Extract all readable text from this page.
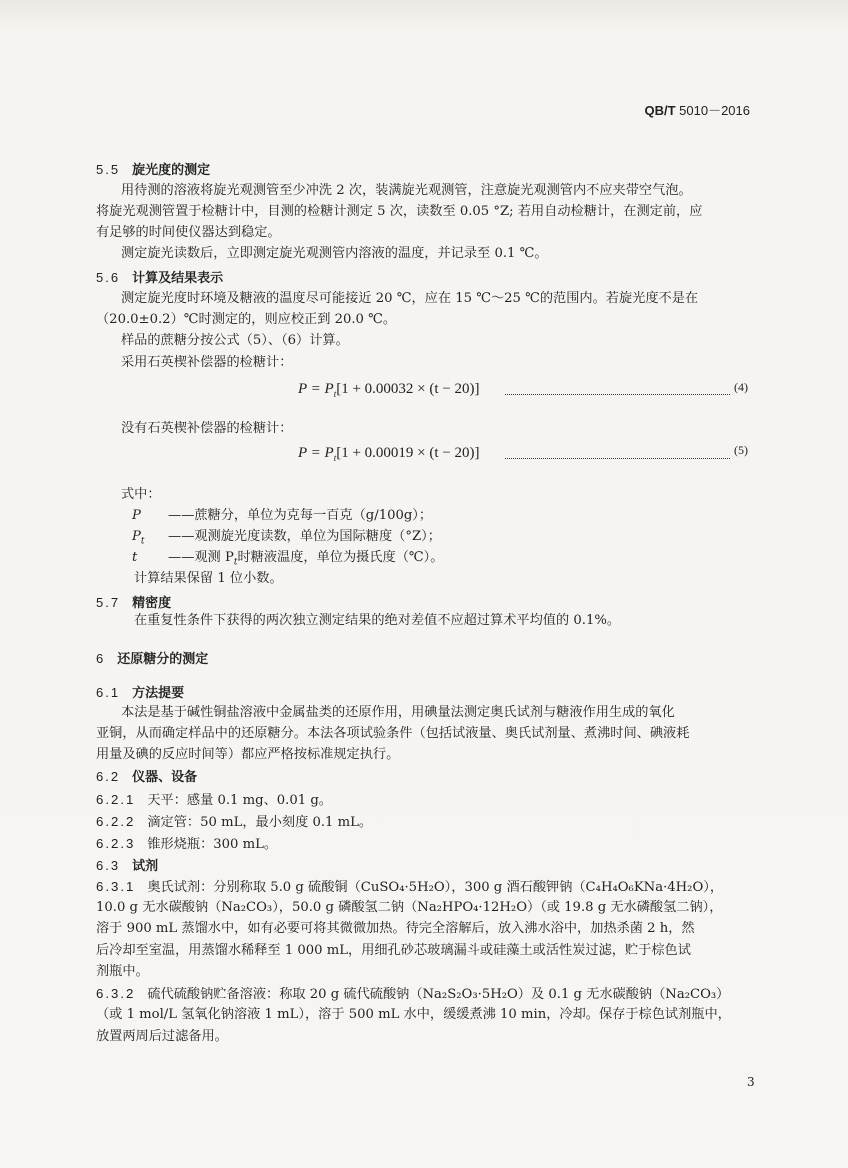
QB/T 5010－2016
5.5 旋光度的测定
用待测的溶液将旋光观测管至少冲洗 2 次，装满旋光观测管，注意旋光观测管内不应夹带空气泡。
将旋光观测管置于检糖计中，目测的检糖计测定 5 次，读数至 0.05 °Z; 若用自动检糖计，在测定前，应
有足够的时间使仪器达到稳定。
测定旋光读数后，立即测定旋光观测管内溶液的温度，并记录至 0.1 ℃。
5.6 计算及结果表示
测定旋光度时环境及糖液的温度尽可能接近 20 ℃，应在 15 ℃～25 ℃的范围内。若旋光度不是在
（20.0±0.2）℃时测定的，则应校正到 20.0 ℃。
样品的蔗糖分按公式（5）、（6）计算。
采用石英楔补偿器的检糖计：
$P = P_t[1 + 0.00032 \times (t - 20)]$	(4)
没有石英楔补偿器的检糖计：
$P = P_t[1 + 0.00019 \times (t - 20)]$	(5)
式中：
P ——蔗糖分，单位为克每一百克（g/100g）；
$P_t$ ——观测旋光度读数，单位为国际糖度（°Z）；
t ——观测 $P_t$时糖液温度，单位为摄氏度（℃）。
计算结果保留 1 位小数。
5.7 精密度
在重复性条件下获得的两次独立测定结果的绝对差值不应超过算术平均值的 0.1%。
6 还原糖分的测定
6.1 方法提要
本法是基于碱性铜盐溶液中金属盐类的还原作用，用碘量法测定奥氏试剂与糖液作用生成的氧化
亚铜，从而确定样品中的还原糖分。本法各项试验条件（包括试液量、奥氏试剂量、煮沸时间、碘液耗
用量及碘的反应时间等）都应严格按标准规定执行。
6.2 仪器、设备
6.2.1 天平：感量 0.1 mg、0.01 g。
6.2.2 滴定管：50 mL，最小刻度 0.1 mL。
6.2.3 锥形烧瓶：300 mL。
6.3 试剂
6.3.1 奥氏试剂：分别称取 5.0 g 硫酸铜（CuSO₄·5H₂O），300 g 酒石酸钾钠（C₄H₄O₆KNa·4H₂O），
10.0 g 无水碳酸钠（Na₂CO₃），50.0 g 磷酸氢二钠（Na₂HPO₄·12H₂O）（或 19.8 g 无水磷酸氢二钠），
溶于 900 mL 蒸馏水中，如有必要可将其微微加热。待完全溶解后，放入沸水浴中，加热杀菌 2 h，然
后冷却至室温，用蒸馏水稀释至 1 000 mL，用细孔砂芯玻璃漏斗或硅藻土或活性炭过滤，贮于棕色试
剂瓶中。
6.3.2 硫代硫酸钠贮备溶液：称取 20 g 硫代硫酸钠（Na₂S₂O₃·5H₂O）及 0.1 g 无水碳酸钠（Na₂CO₃）
（或 1 mol/L 氢氧化钠溶液 1 mL），溶于 500 mL 水中，缓缓煮沸 10 min，冷却。保存于棕色试剂瓶中，
放置两周后过滤备用。
3
